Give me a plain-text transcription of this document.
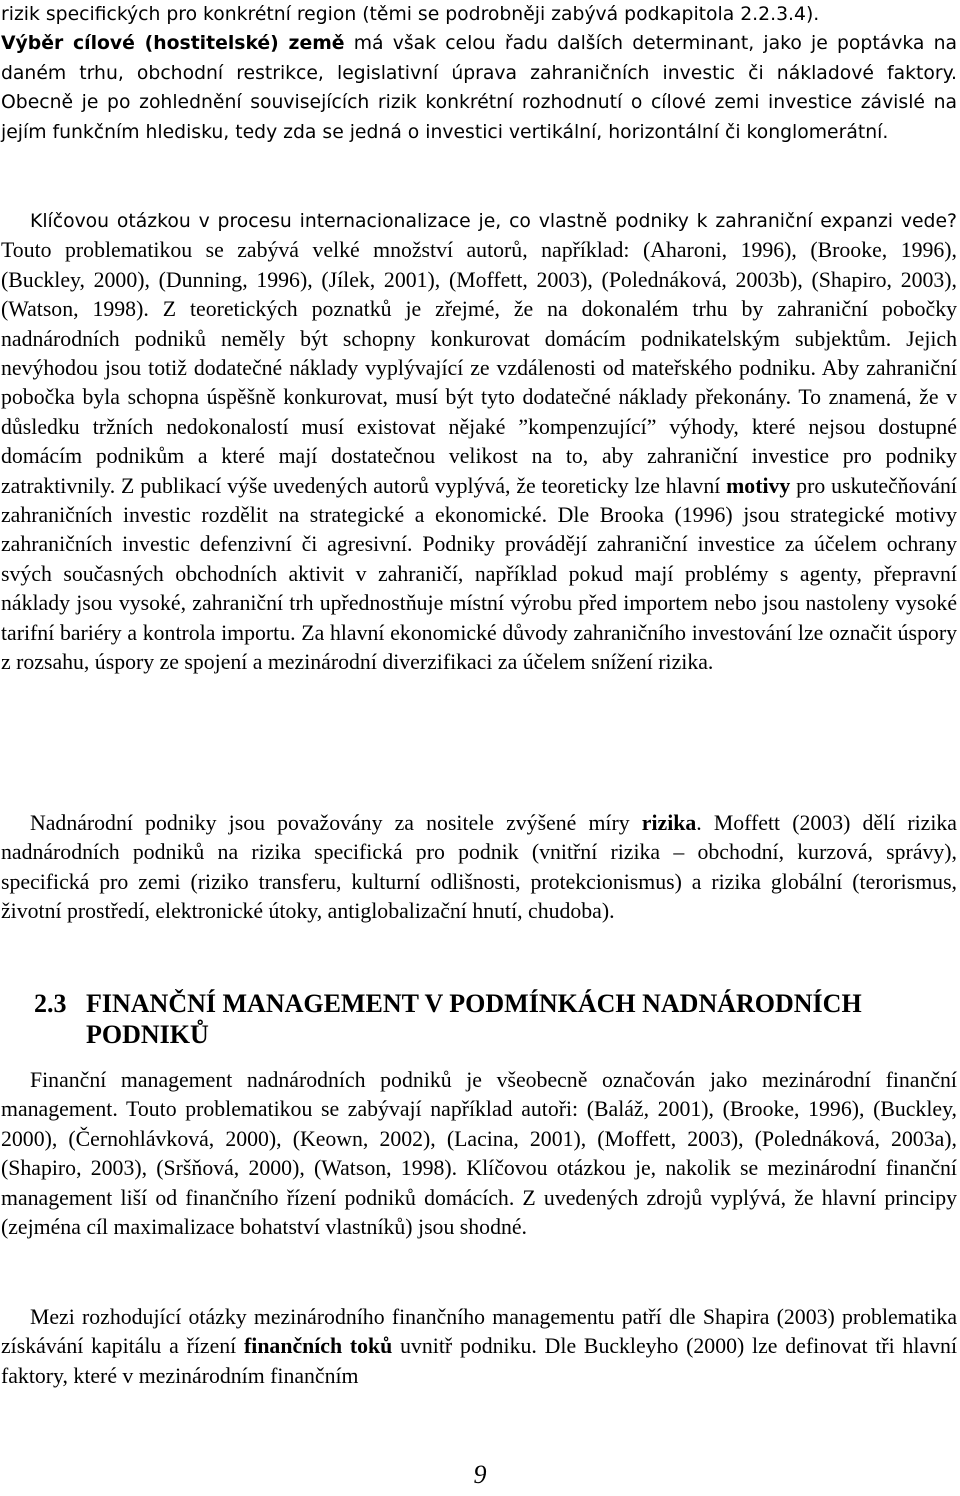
rizik specifických pro konkrétní region (těmi se podrobněji zabývá podkapitola 2.2.3.4).
Výběr cílové (hostitelské) země má však celou řadu dalších determinant, jako je poptávka na daném trhu, obchodní restrikce, legislativní úprava zahraničních investic či nákladové faktory. Obecně je po zohlednění souvisejících rizik konkrétní rozhodnutí o cílové zemi investice závislé na jejím funkčním hledisku, tedy zda se jedná o investici vertikální, horizontální či konglomerátní.

Klíčovou otázkou v procesu internacionalizace je, co vlastně podniky k zahraniční expanzi vede? Touto problematikou se zabývá velké množství autorů, například: (Aharoni, 1996), (Brooke, 1996), (Buckley, 2000), (Dunning, 1996), (Jílek, 2001), (Moffett, 2003), (Polednáková, 2003b), (Shapiro, 2003), (Watson, 1998). Z teoretických poznatků je zřejmé, že na dokonalém trhu by zahraniční pobočky nadnárodních podniků neměly být schopny konkurovat domácím podnikatelským subjektům. Jejich nevýhodou jsou totiž dodatečné náklady vyplývající ze vzdálenosti od mateřského podniku. Aby zahraniční pobočka byla schopna úspěšně konkurovat, musí být tyto dodatečné náklady překonány. To znamená, že v důsledku tržních nedokonalostí musí existovat nějaké ”kompenzující” výhody, které nejsou dostupné domácím podnikům a které mají dostatečnou velikost na to, aby zahraniční investice pro podniky zatraktivnily. Z publikací výše uvedených autorů vyplývá, že teoreticky lze hlavní motivy pro uskutečňování zahraničních investic rozdělit na strategické a ekonomické. Dle Brooka (1996) jsou strategické motivy zahraničních investic defenzivní či agresivní. Podniky provádějí zahraniční investice za účelem ochrany svých současných obchodních aktivit v zahraničí, například pokud mají problémy s agenty, přepravní náklady jsou vysoké, zahraniční trh upřednostňuje místní výrobu před importem nebo jsou nastoleny vysoké tarifní bariéry a kontrola importu. Za hlavní ekonomické důvody zahraničního investování lze označit úspory z rozsahu, úspory ze spojení a mezinárodní diverzifikaci za účelem snížení rizika.

Nadnárodní podniky jsou považovány za nositele zvýšené míry rizika. Moffett (2003) dělí rizika nadnárodních podniků na rizika specifická pro podnik (vnitřní rizika – obchodní, kurzová, správy), specifická pro zemi (riziko transferu, kulturní odlišnosti, protekcionismus) a rizika globální (terorismus, životní prostředí, elektronické útoky, antiglobalizační hnutí, chudoba).

2.3 FINANČNÍ MANAGEMENT V PODMÍNKÁCH NADNÁRODNÍCH PODNIKŮ

Finanční management nadnárodních podniků je všeobecně označován jako mezinárodní finanční management. Touto problematikou se zabývají například autoři: (Baláž, 2001), (Brooke, 1996), (Buckley, 2000), (Černohlávková, 2000), (Keown, 2002), (Lacina, 2001), (Moffett, 2003), (Polednáková, 2003a), (Shapiro, 2003), (Sršňová, 2000), (Watson, 1998). Klíčovou otázkou je, nakolik se mezinárodní finanční management liší od finančního řízení podniků domácích. Z uvedených zdrojů vyplývá, že hlavní principy (zejména cíl maximalizace bohatství vlastníků) jsou shodné.

Mezi rozhodující otázky mezinárodního finančního managementu patří dle Shapira (2003) problematika získávání kapitálu a řízení finančních toků uvnitř podniku. Dle Buckleyho (2000) lze definovat tři hlavní faktory, které v mezinárodním finančním

9
